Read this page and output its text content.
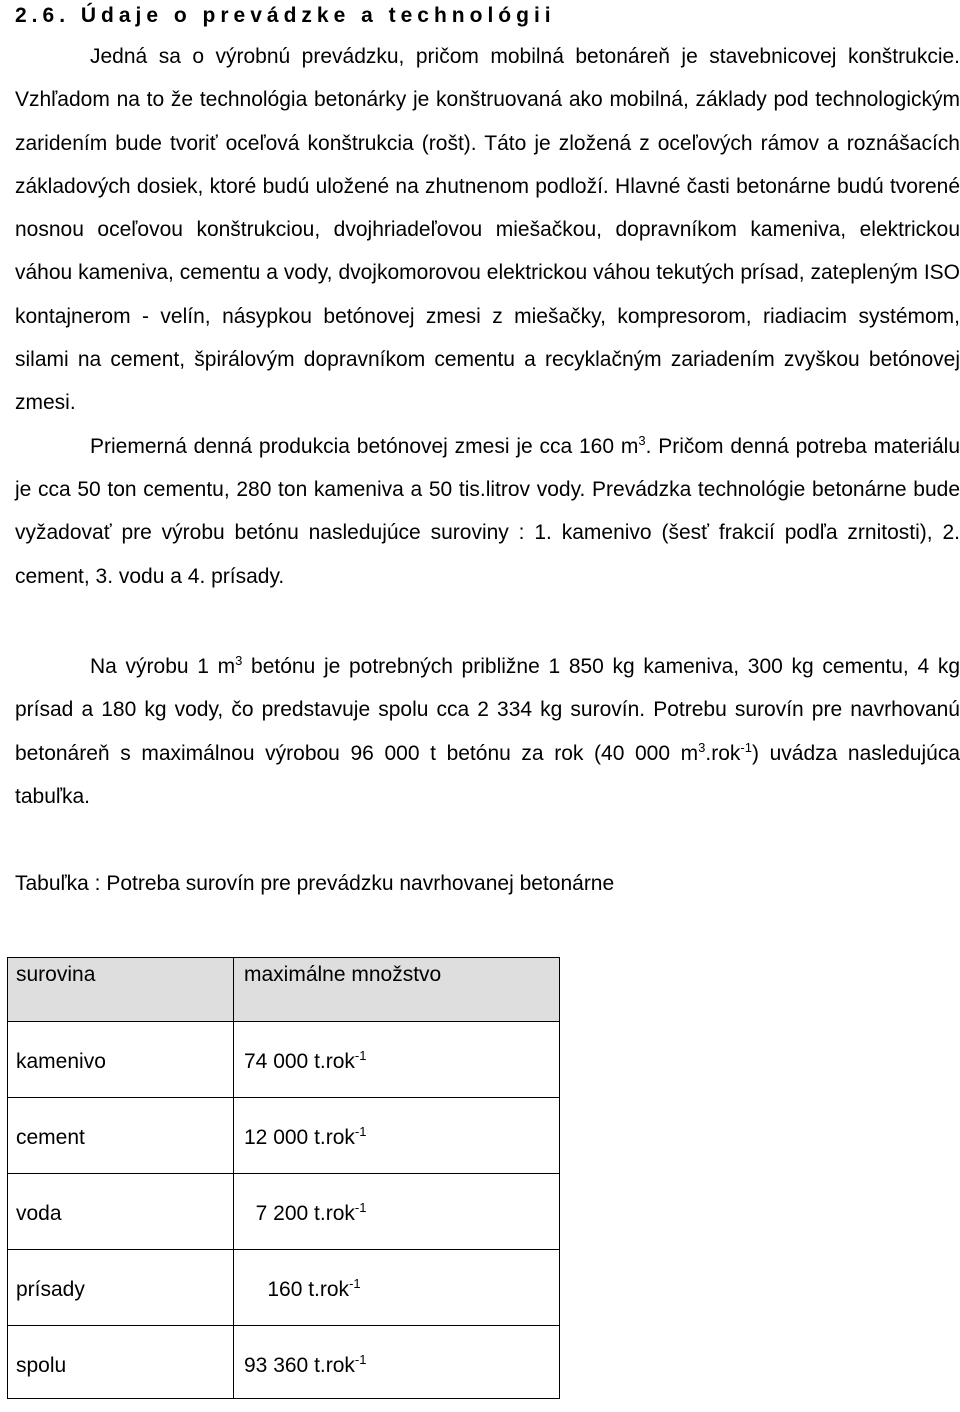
2.6. Údaje o prevádzke a technológii

Jedná sa o výrobnú prevádzku, pričom mobilná betonáreň je stavebnicovej konštrukcie. Vzhľadom na to že technológia betonárky je konštruovaná ako mobilná, základy pod technologickým zaridením bude tvoriť oceľová konštrukcia (rošt). Táto je zložená z oceľových rámov a roznášacích základových dosiek, ktoré budú uložené na zhutnenom podloží. Hlavné časti betonárne budú tvorené nosnou oceľovou konštrukciou, dvojhriadeľovou miešačkou, dopravníkom kameniva, elektrickou váhou kameniva, cementu a vody, dvojkomorovou elektrickou váhou tekutých prísad, zatepleným ISO kontajnerom - velín, násypkou betónovej zmesi z miešačky, kompresorom, riadiacim systémom, silami na cement, špirálovým dopravníkom cementu a recyklačným zariadením zvyškou betónovej zmesi.

Priemerná denná produkcia betónovej zmesi je cca 160 $m^3$. Pričom denná potreba materiálu je cca 50 ton cementu, 280 ton kameniva a 50 tis.litrov vody. Prevádzka technológie betonárne bude vyžadovať pre výrobu betónu nasledujúce suroviny : 1. kamenivo (šesť frakcií podľa zrnitosti), 2. cement, 3. vodu a 4. prísady.

Na výrobu 1 $m^3$ betónu je potrebných približne 1 850 kg kameniva, 300 kg cementu, 4 kg prísad a 180 kg vody, čo predstavuje spolu cca 2 334 kg surovín. Potrebu surovín pre navrhovanú betonáreň s maximálnou výrobou 96 000 t betónu za rok (40 000 $m^3.rok^{-1}$) uvádza nasledujúca tabuľka.

Tabuľka : Potreba surovín pre prevádzku navrhovanej betonárne
surovina	maximálne množstvo
kamenivo	74 000 t.rok$^{-1}$
cement	12 000 t.rok$^{-1}$
voda	7 200 t.rok$^{-1}$
prísady	160 t.rok$^{-1}$
spolu	93 360 t.rok$^{-1}$
